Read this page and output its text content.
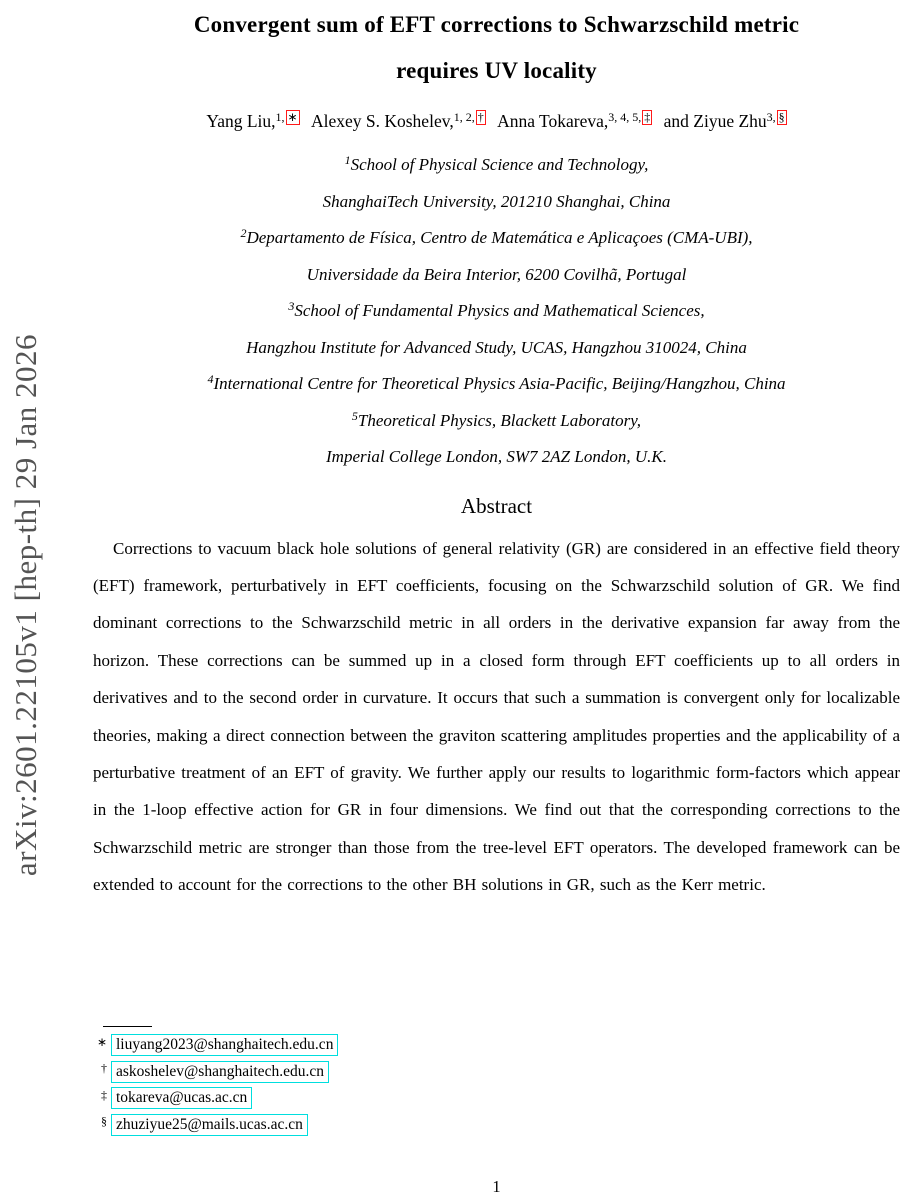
arXiv:2601.22105v1 [hep-th] 29 Jan 2026
Convergent sum of EFT corrections to Schwarzschild metric
requires UV locality
Yang Liu,$^{1, ∗}$ Alexey S. Koshelev,$^{1, 2, \dagger}$ Anna Tokareva,$^{3, 4, 5, \ddagger}$ and Ziyue Zhu$^{3, \S}$
$^1$School of Physical Science and Technology,
ShanghaiTech University, 201210 Shanghai, China
$^2$Departamento de Física, Centro de Matemática e Aplicaçoes (CMA-UBI),
Universidade da Beira Interior, 6200 Covilhã, Portugal
$^3$School of Fundamental Physics and Mathematical Sciences,
Hangzhou Institute for Advanced Study, UCAS, Hangzhou 310024, China
$^4$International Centre for Theoretical Physics Asia-Pacific, Beijing/Hangzhou, China
$^5$Theoretical Physics, Blackett Laboratory,
Imperial College London, SW7 2AZ London, U.K.
Abstract
Corrections to vacuum black hole solutions of general relativity (GR) are considered in an effective field theory (EFT) framework, perturbatively in EFT coefficients, focusing on the Schwarzschild solution of GR. We find dominant corrections to the Schwarzschild metric in all orders in the derivative expansion far away from the horizon. These corrections can be summed up in a closed form through EFT coefficients up to all orders in derivatives and to the second order in curvature. It occurs that such a summation is convergent only for localizable theories, making a direct connection between the graviton scattering amplitudes properties and the applicability of a perturbative treatment of an EFT of gravity. We further apply our results to logarithmic form-factors which appear in the 1-loop effective action for GR in four dimensions. We find out that the corresponding corrections to the Schwarzschild metric are stronger than those from the tree-level EFT operators. The developed framework can be extended to account for the corrections to the other BH solutions in GR, such as the Kerr metric.
∗ liuyang2023@shanghaitech.edu.cn
† askoshelev@shanghaitech.edu.cn
‡ tokareva@ucas.ac.cn
§ zhuziyue25@mails.ucas.ac.cn
1
